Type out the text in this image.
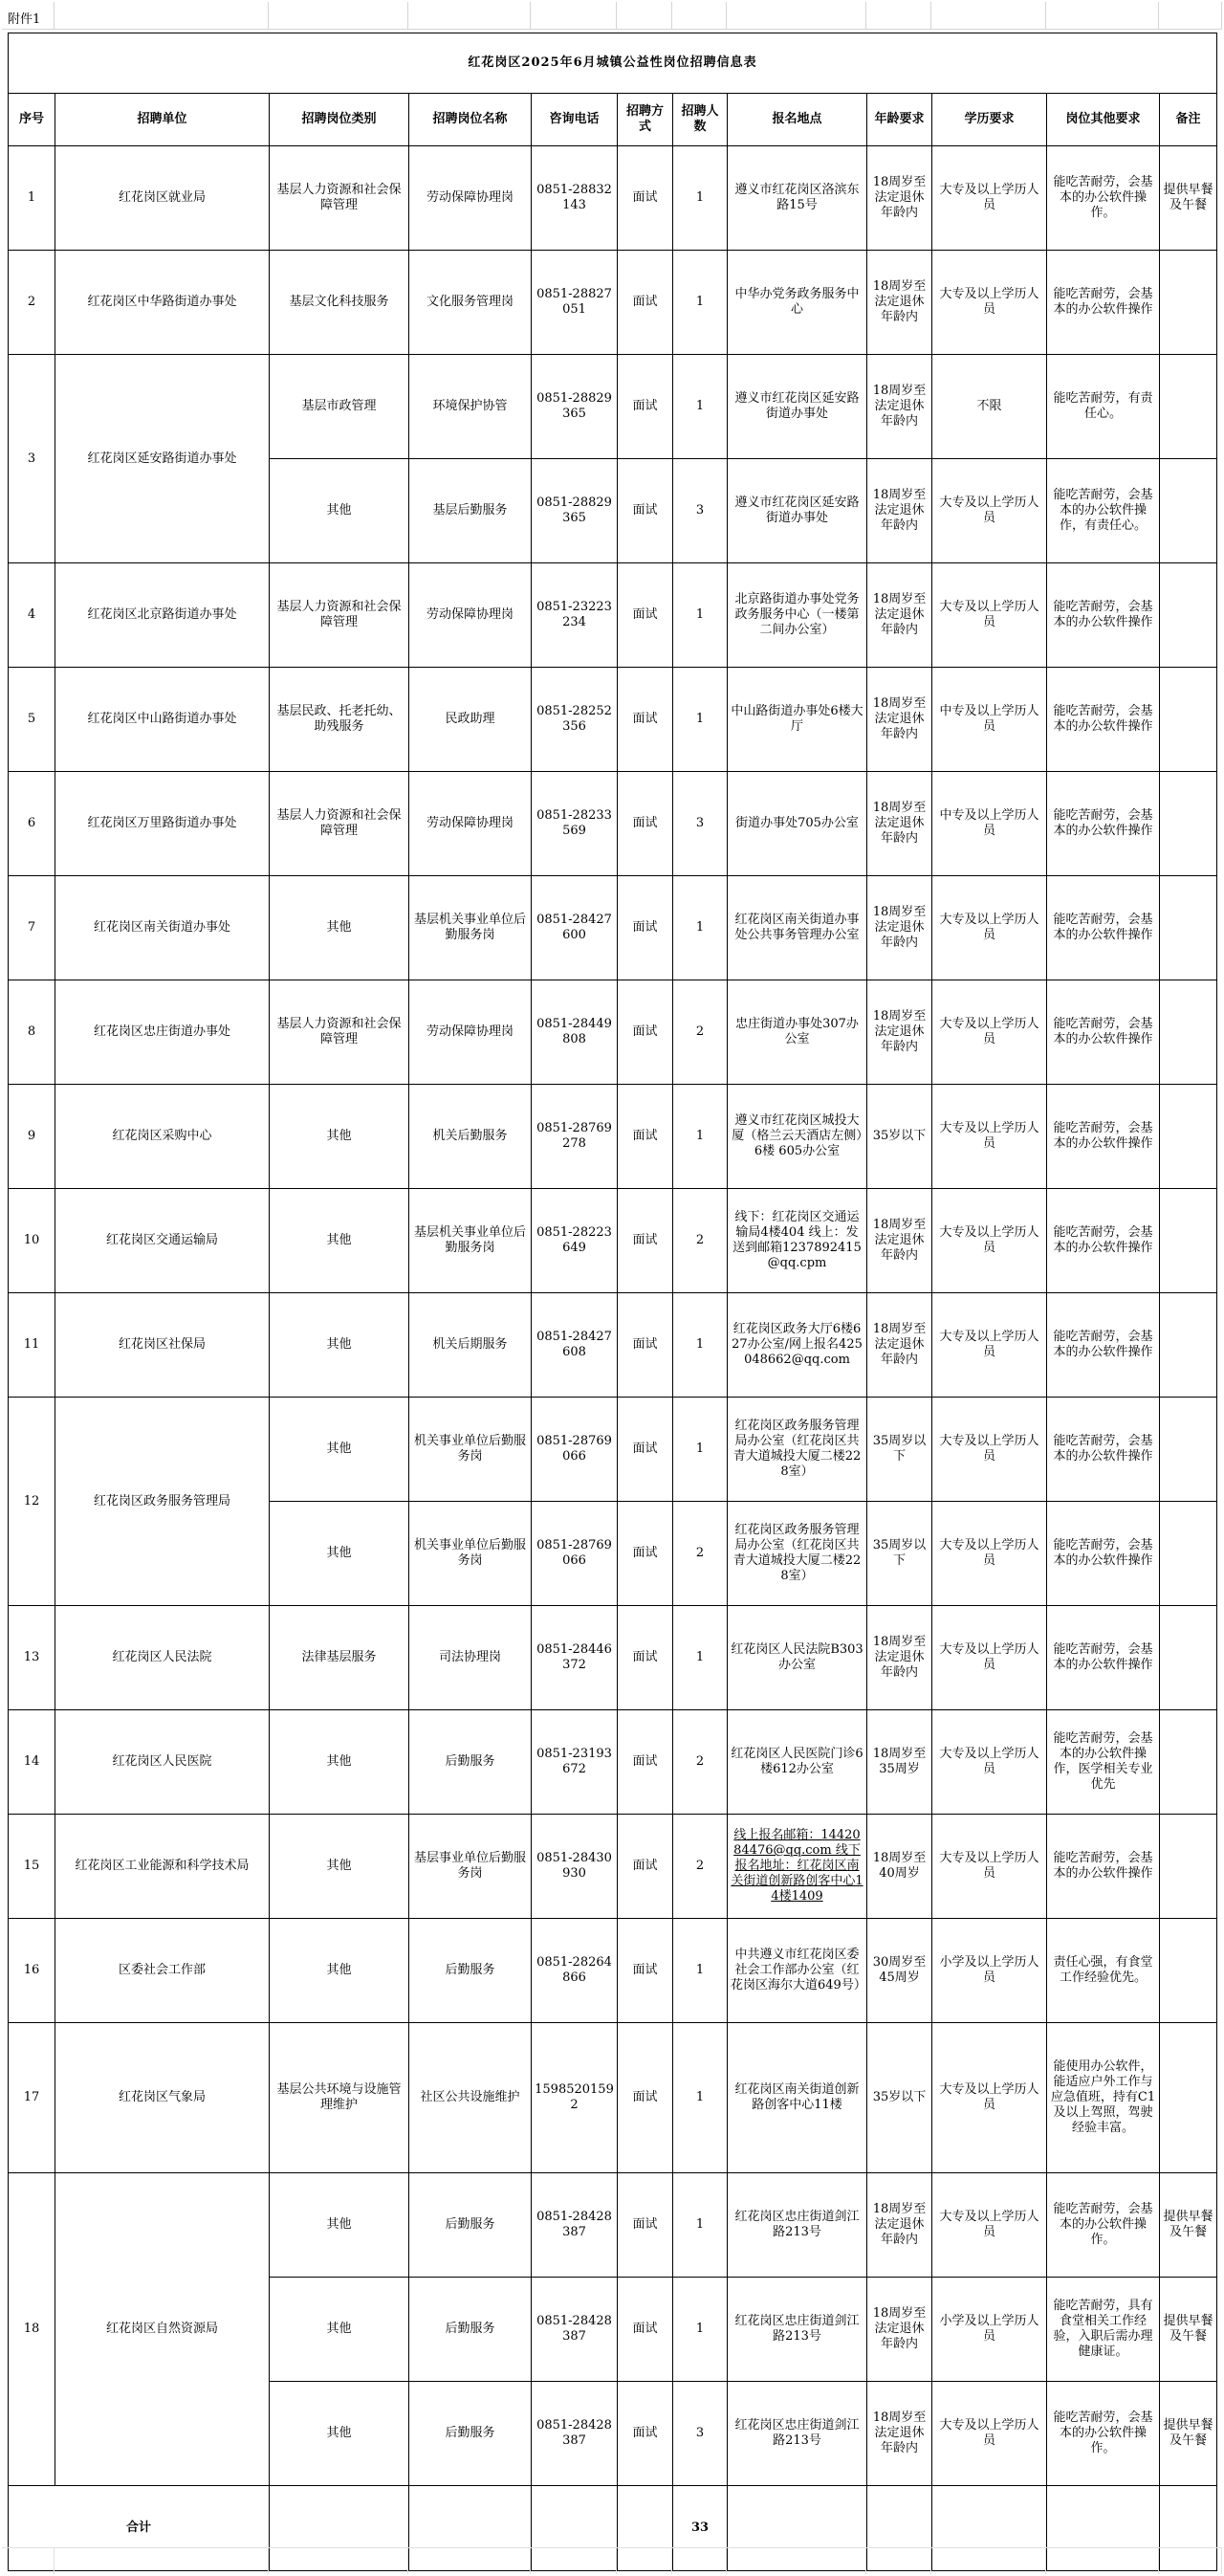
附件1
红花岗区2025年6月城镇公益性岗位招聘信息表											
序号	招聘单位	招聘岗位类别	招聘岗位名称	咨询电话	招聘方式	招聘人数	报名地点	年龄要求	学历要求	岗位其他要求	备注
1	红花岗区就业局	基层人力资源和社会保障管理	劳动保障协理岗	0851-28832143	面试	1	遵义市红花岗区洛滨东路15号	18周岁至法定退休年龄内	大专及以上学历人员	能吃苦耐劳，会基本的办公软件操作。	提供早餐及午餐
2	红花岗区中华路街道办事处	基层文化科技服务	文化服务管理岗	0851-28827051	面试	1	中华办党务政务服务中心	18周岁至法定退休年龄内	大专及以上学历人员	能吃苦耐劳，会基本的办公软件操作	
3	红花岗区延安路街道办事处	基层市政管理	环境保护协管	0851-28829365	面试	1	遵义市红花岗区延安路街道办事处	18周岁至法定退休年龄内	不限	能吃苦耐劳，有责任心。	
		其他	基层后勤服务	0851-28829365	面试	3	遵义市红花岗区延安路街道办事处	18周岁至法定退休年龄内	大专及以上学历人员	能吃苦耐劳，会基本的办公软件操作，有责任心。	
4	红花岗区北京路街道办事处	基层人力资源和社会保障管理	劳动保障协理岗	0851-23223234	面试	1	北京路街道办事处党务政务服务中心（一楼第二间办公室）	18周岁至法定退休年龄内	大专及以上学历人员	能吃苦耐劳，会基本的办公软件操作	
5	红花岗区中山路街道办事处	基层民政、托老托幼、助残服务	民政助理	0851-28252356	面试	1	中山路街道办事处6楼大厅	18周岁至法定退休年龄内	中专及以上学历人员	能吃苦耐劳，会基本的办公软件操作	
6	红花岗区万里路街道办事处	基层人力资源和社会保障管理	劳动保障协理岗	0851-28233569	面试	3	街道办事处705办公室	18周岁至法定退休年龄内	中专及以上学历人员	能吃苦耐劳，会基本的办公软件操作	
7	红花岗区南关街道办事处	其他	基层机关事业单位后勤服务岗	0851-28427600	面试	1	红花岗区南关街道办事处公共事务管理办公室	18周岁至法定退休年龄内	大专及以上学历人员	能吃苦耐劳，会基本的办公软件操作	
8	红花岗区忠庄街道办事处	基层人力资源和社会保障管理	劳动保障协理岗	0851-28449808	面试	2	忠庄街道办事处307办公室	18周岁至法定退休年龄内	大专及以上学历人员	能吃苦耐劳，会基本的办公软件操作	
9	红花岗区采购中心	其他	机关后勤服务	0851-28769278	面试	1	遵义市红花岗区城投大厦（格兰云天酒店左侧）6楼 605办公室	35岁以下	大专及以上学历人员	能吃苦耐劳，会基本的办公软件操作	
10	红花岗区交通运输局	其他	基层机关事业单位后勤服务岗	0851-28223649	面试	2	线下：红花岗区交通运输局4楼404 线上：发送到邮箱1237892415@qq.cpm	18周岁至法定退休年龄内	大专及以上学历人员	能吃苦耐劳，会基本的办公软件操作	
11	红花岗区社保局	其他	机关后期服务	0851-28427608	面试	1	红花岗区政务大厅6楼627办公室/网上报名425048662@qq.com	18周岁至法定退休年龄内	大专及以上学历人员	能吃苦耐劳，会基本的办公软件操作	
12	红花岗区政务服务管理局	其他	机关事业单位后勤服务岗	0851-28769066	面试	1	红花岗区政务服务管理局办公室（红花岗区共青大道城投大厦二楼228室）	35周岁以下	大专及以上学历人员	能吃苦耐劳，会基本的办公软件操作	
		其他	机关事业单位后勤服务岗	0851-28769066	面试	2	红花岗区政务服务管理局办公室（红花岗区共青大道城投大厦二楼228室）	35周岁以下	大专及以上学历人员	能吃苦耐劳，会基本的办公软件操作	
13	红花岗区人民法院	法律基层服务	司法协理岗	0851-28446372	面试	1	红花岗区人民法院B303办公室	18周岁至法定退休年龄内	大专及以上学历人员	能吃苦耐劳，会基本的办公软件操作	
14	红花岗区人民医院	其他	后勤服务	0851-23193672	面试	2	红花岗区人民医院门诊6楼612办公室	18周岁至35周岁	大专及以上学历人员	能吃苦耐劳，会基本的办公软件操作，医学相关专业优先	
15	红花岗区工业能源和科学技术局	其他	基层事业单位后勤服务岗	0851-28430930	面试	2	线上报名邮箱：1442084476@qq.com 线下报名地址：红花岗区南关街道创新路创客中心14楼1409	18周岁至40周岁	大专及以上学历人员	能吃苦耐劳，会基本的办公软件操作	
16	区委社会工作部	其他	后勤服务	0851-28264866	面试	1	中共遵义市红花岗区委社会工作部办公室（红花岗区海尔大道649号）	30周岁至45周岁	小学及以上学历人员	责任心强，有食堂工作经验优先。	
17	红花岗区气象局	基层公共环境与设施管理维护	社区公共设施维护	15985201592	面试	1	红花岗区南关街道创新路创客中心11楼	35岁以下	大专及以上学历人员	能使用办公软件，能适应户外工作与应急值班，持有C1及以上驾照，驾驶经验丰富。	
18	红花岗区自然资源局	其他	后勤服务	0851-28428387	面试	1	红花岗区忠庄街道剑江路213号	18周岁至法定退休年龄内	大专及以上学历人员	能吃苦耐劳，会基本的办公软件操作。	提供早餐及午餐
		其他	后勤服务	0851-28428387	面试	1	红花岗区忠庄街道剑江路213号	18周岁至法定退休年龄内	小学及以上学历人员	能吃苦耐劳，具有食堂相关工作经验，入职后需办理健康证。	提供早餐及午餐
		其他	后勤服务	0851-28428387	面试	3	红花岗区忠庄街道剑江路213号	18周岁至法定退休年龄内	大专及以上学历人员	能吃苦耐劳，会基本的办公软件操作。	提供早餐及午餐
合计						33					
